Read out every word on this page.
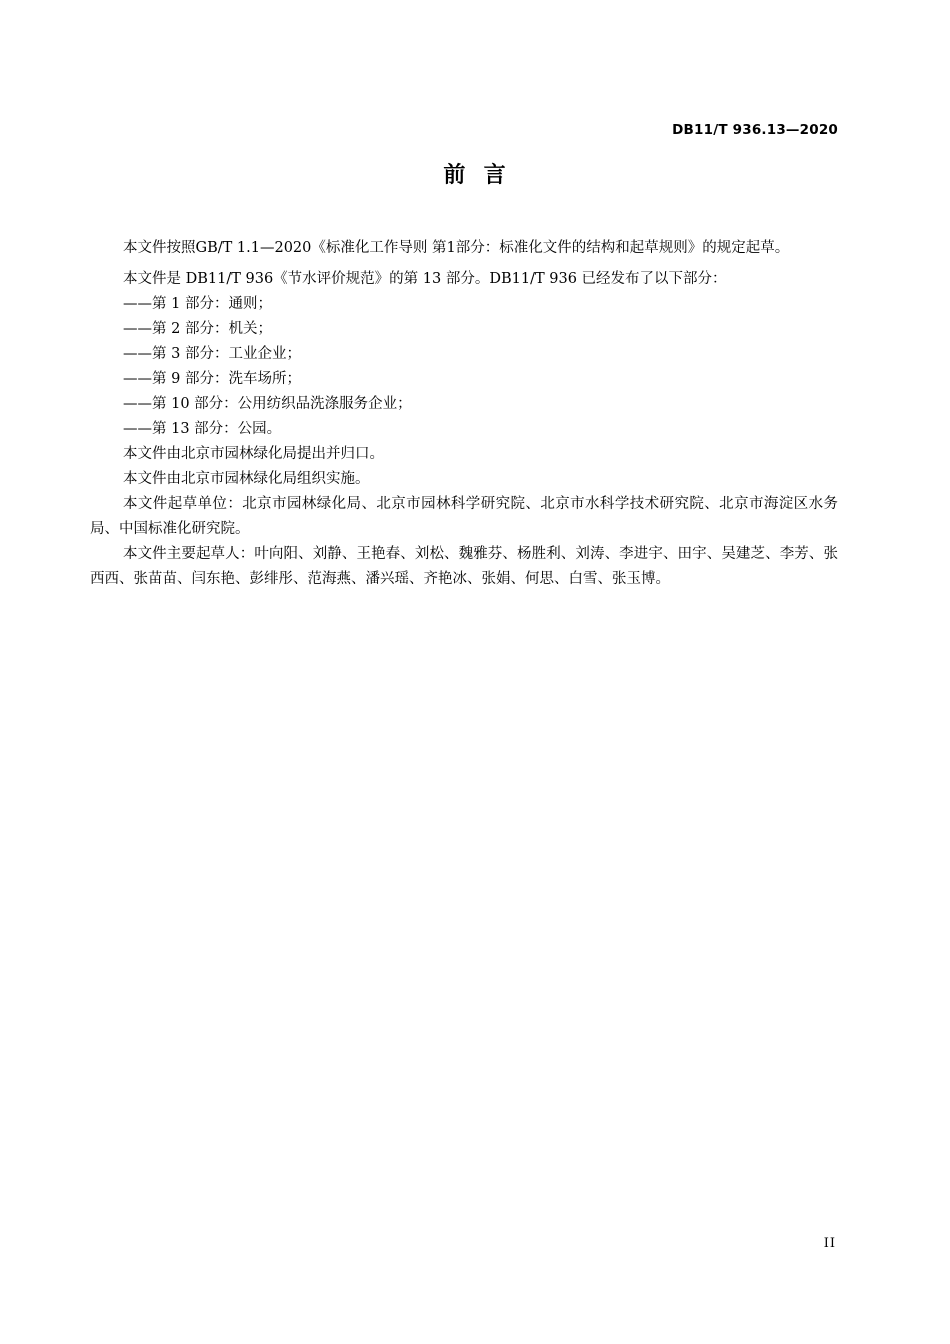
DB11/T 936.13—2020
前  言

本文件按照GB/T 1.1—2020《标准化工作导则 第1部分：标准化文件的结构和起草规则》的规定起草。

本文件是 DB11/T 936《节水评价规范》的第 13 部分。DB11/T 936 已经发布了以下部分：

——第 1 部分：通则；

——第 2 部分：机关；

——第 3 部分：工业企业；

——第 9 部分：洗车场所；

——第 10 部分：公用纺织品洗涤服务企业；

——第 13 部分：公园。

本文件由北京市园林绿化局提出并归口。

本文件由北京市园林绿化局组织实施。

本文件起草单位：北京市园林绿化局、北京市园林科学研究院、北京市水科学技术研究院、北京市海淀区水务局、中国标准化研究院。

本文件主要起草人：叶向阳、刘静、王艳春、刘松、魏雅芬、杨胜利、刘涛、李进宇、田宇、吴建芝、李芳、张西西、张苗苗、闫东艳、彭绯彤、范海燕、潘兴瑶、齐艳冰、张娟、何思、白雪、张玉博。

II
